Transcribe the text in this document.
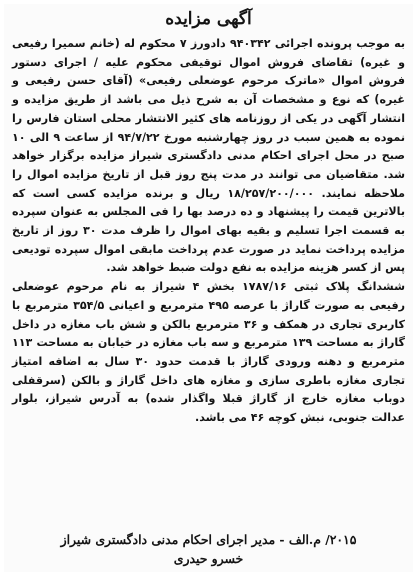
آگهی مزایده

به موجب پرونده اجرائی ۹۴۰۳۴۲ دادورز ۷ محکوم له (خانم سمیرا رفیعی و غیره) تقاضای فروش اموال توقیفی محکوم علیه / اجرای دستور فروش اموال «ماترک مرحوم عوضعلی رفیعی» (آقای حسن رفیعی و غیره) که نوع و مشخصات آن به شرح ذیل می باشد از طریق مزایده و انتشار آگهی در یکی از روزنامه های کثیر الانتشار محلی استان فارس را نموده به همین سبب در روز چهارشنبه مورخ ۹۴/۷/۲۲ از ساعت ۹ الی ۱۰ صبح در محل اجرای احکام مدنی دادگستری شیراز مزایده برگزار خواهد شد. متقاضیان می توانند در مدت پنج روز قبل از تاریخ مزایده اموال را ملاحظه نمایند. ۱۸/۲۵۷/۲۰۰/۰۰۰ ریال و برنده مزایده کسی است که بالاترین قیمت را پیشنهاد و ده درصد بها را فی المجلس به عنوان سپرده به قسمت اجرا تسلیم و بقیه بهای اموال را ظرف مدت ۳۰ روز از تاریخ مزایده پرداخت نماید در صورت عدم پرداخت مابقی اموال سپرده تودیعی پس از کسر هزینه مزایده به نفع دولت ضبط خواهد شد.

ششدانگ پلاک ثبتی ۱۷۸۷/۱۶ بخش ۴ شیراز به نام مرحوم عوضعلی رفیعی به صورت گاراژ با عرصه ۴۹۵ مترمربع و اعیانی ۳۵۴/۵ مترمربع با کاربری تجاری در همکف و ۳۶ مترمربع بالکن و شش باب مغازه در داخل گاراژ به مساحت ۱۳۹ مترمربع و سه باب مغازه در خیابان به مساحت ۱۱۳ مترمربع و دهنه ورودی گاراژ با قدمت حدود ۳۰ سال به اضافه امتیاز تجاری مغازه باطری سازی و مغازه های داخل گاراژ و بالکن (سرقفلی دوباب مغازه خارج از گاراژ قبلا واگذار شده) به آدرس شیراز، بلوار عدالت جنوبی، نبش کوچه ۴۶ می باشد.

۲۰۱۵/ م.الف - مدیر اجرای احکام مدنی دادگستری شیراز

خسرو حیدری
